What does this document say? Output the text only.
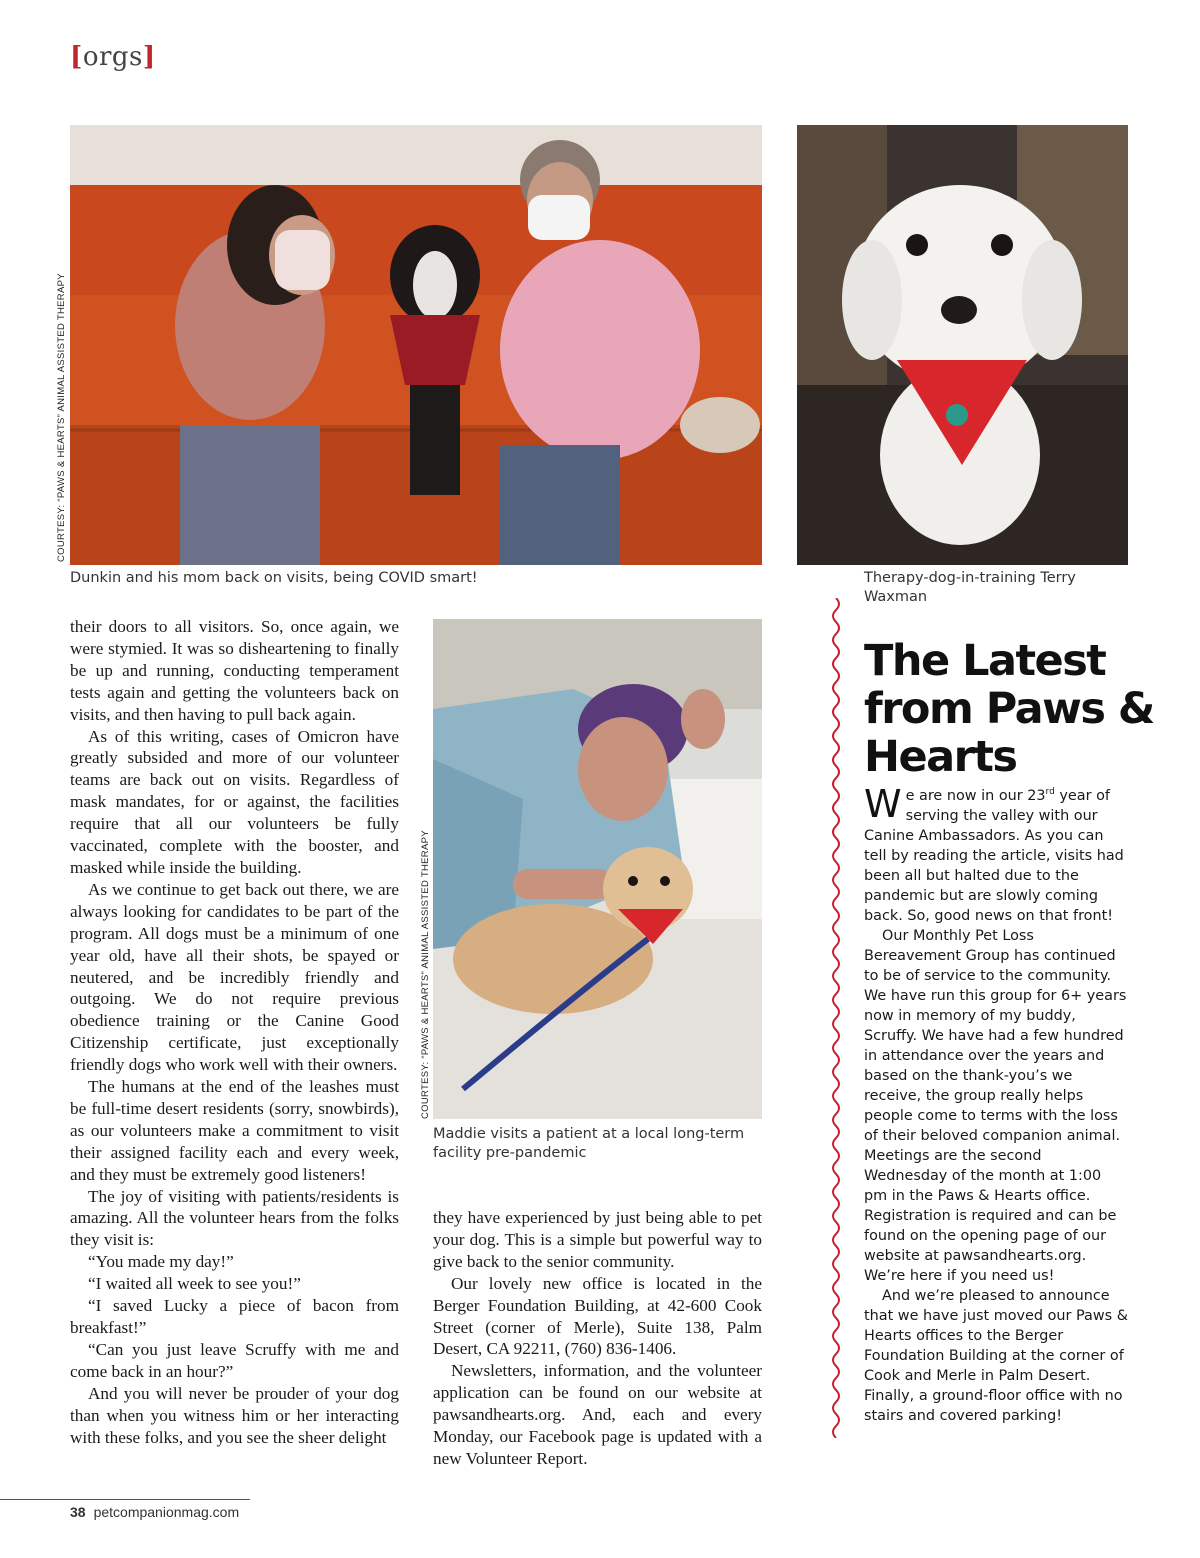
[orgs]
COURTESY: “PAWS & HEARTS” ANIMAL ASSISTED THERAPY
Dunkin and his mom back on visits, being COVID smart!	Therapy-dog-in-training Terry Waxman
COURTESY: “PAWS & HEARTS” ANIMAL ASSISTED THERAPY
Maddie visits a patient at a local long-term facility pre-pandemic

their doors to all visitors. So, once again, we were stymied. It was so disheartening to finally be up and running, conducting temperament tests again and getting the volunteers back on visits, and then having to pull back again.

As of this writing, cases of Omicron have greatly subsided and more of our volunteer teams are back out on visits. Regardless of mask mandates, for or against, the facilities require that all our volunteers be fully vaccinated, complete with the booster, and masked while inside the building.

As we continue to get back out there, we are always looking for candidates to be part of the program. All dogs must be a minimum of one year old, have all their shots, be spayed or neutered, and be incredibly friendly and outgoing. We do not require previous obedience training or the Canine Good Citizenship certificate, just exceptionally friendly dogs who work well with their owners.

The humans at the end of the leashes must be full-time desert residents (sorry, snowbirds), as our volunteers make a commitment to visit their assigned facility each and every week, and they must be extremely good listeners!

The joy of visiting with patients/residents is amazing. All the volunteer hears from the folks they visit is:

“You made my day!”

“I waited all week to see you!”

“I saved Lucky a piece of bacon from breakfast!”

“Can you just leave Scruffy with me and come back in an hour?”

And you will never be prouder of your dog than when you witness him or her interacting with these folks, and you see the sheer delight

they have experienced by just being able to pet your dog. This is a simple but powerful way to give back to the senior community.

Our lovely new office is located in the Berger Foundation Building, at 42-600 Cook Street (corner of Merle), Suite 138, Palm Desert, CA 92211, (760) 836-1406.

Newsletters, information, and the volunteer application can be found on our website at pawsandhearts.org. And, each and every Monday, our Facebook page is updated with a new Volunteer Report.

The Latest from Paws & Hearts

We are now in our 23rd year of serving the valley with our Canine Ambassadors. As you can tell by reading the article, visits had been all but halted due to the pandemic but are slowly coming back. So, good news on that front!

Our Monthly Pet Loss Bereavement Group has continued to be of service to the community. We have run this group for 6+ years now in memory of my buddy, Scruffy. We have had a few hundred in attendance over the years and based on the thank-you’s we receive, the group really helps people come to terms with the loss of their beloved companion animal. Meetings are the second Wednesday of the month at 1:00 pm in the Paws & Hearts office. Registration is required and can be found on the opening page of our website at pawsandhearts.org. We’re here if you need us!

And we’re pleased to announce that we have just moved our Paws & Hearts offices to the Berger Foundation Building at the corner of Cook and Merle in Palm Desert. Finally, a ground-floor office with no stairs and covered parking!

38 petcompanionmag.com
